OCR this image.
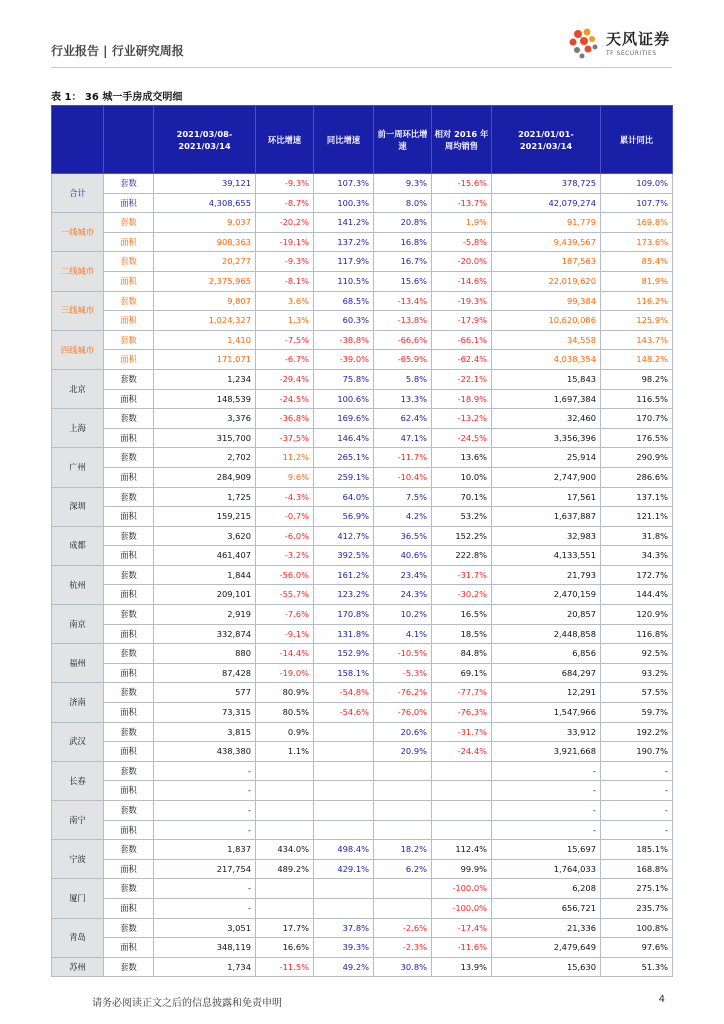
行业报告 | 行业研究周报
天风证券
TF SECURITIES
表 1： 36 城一手房成交明细
		2021/03/08-2021/03/14	环比增速	同比增速	前一周环比增速	相对 2016 年周均销售	2021/01/01-2021/03/14	累计同比
合计	套数	39,121	-9.3%	107.3%	9.3%	-15.6%	378,725	109.0%
	面积	4,308,655	-8.7%	100.3%	8.0%	-13.7%	42,079,274	107.7%
一线城市	套数	9,037	-20.2%	141.2%	20.8%	1.9%	91,779	169.8%
	面积	908,363	-19.1%	137.2%	16.8%	-5.8%	9,439,567	173.6%
二线城市	套数	20,277	-9.3%	117.9%	16.7%	-20.0%	187,563	85.4%
	面积	2,375,965	-8.1%	110.5%	15.6%	-14.6%	22,019,620	81.9%
三线城市	套数	9,807	3.6%	68.5%	-13.4%	-19.3%	99,384	116.2%
	面积	1,024,327	1.3%	60.3%	-13.8%	-17.9%	10,620,086	125.9%
四线城市	套数	1,410	-7.5%	-38.8%	-66.6%	-66.1%	34,558	143.7%
	面积	171,071	-6.7%	-39.0%	-65.9%	-62.4%	4,038,354	148.2%
北京	套数	1,234	-29.4%	75.8%	5.8%	-22.1%	15,843	98.2%
	面积	148,539	-24.5%	100.6%	13.3%	-18.9%	1,697,384	116.5%
上海	套数	3,376	-36.8%	169.6%	62.4%	-13.2%	32,460	170.7%
	面积	315,700	-37.5%	146.4%	47.1%	-24.5%	3,356,396	176.5%
广州	套数	2,702	11.2%	265.1%	-11.7%	13.6%	25,914	290.9%
	面积	284,909	9.6%	259.1%	-10.4%	10.0%	2,747,900	286.6%
深圳	套数	1,725	-4.3%	64.0%	7.5%	70.1%	17,561	137.1%
	面积	159,215	-0.7%	56.9%	4.2%	53.2%	1,637,887	121.1%
成都	套数	3,620	-6.0%	412.7%	36.5%	152.2%	32,983	31.8%
	面积	461,407	-3.2%	392.5%	40.6%	222.8%	4,133,551	34.3%
杭州	套数	1,844	-56.0%	161.2%	23.4%	-31.7%	21,793	172.7%
	面积	209,101	-55.7%	123.2%	24.3%	-30.2%	2,470,159	144.4%
南京	套数	2,919	-7.6%	170.8%	10.2%	16.5%	20,857	120.9%
	面积	332,874	-9.1%	131.8%	4.1%	18.5%	2,448,858	116.8%
福州	套数	880	-14.4%	152.9%	-10.5%	84.8%	6,856	92.5%
	面积	87,428	-19.0%	158.1%	-5.3%	69.1%	684,297	93.2%
济南	套数	577	80.9%	-54.8%	-76.2%	-77.7%	12,291	57.5%
	面积	73,315	80.5%	-54.6%	-76.0%	-76.3%	1,547,966	59.7%
武汉	套数	3,815	0.9%		20.6%	-31.7%	33,912	192.2%
	面积	438,380	1.1%		20.9%	-24.4%	3,921,668	190.7%
长春	套数	-					-	-
	面积	-					-	-
南宁	套数	-					-	-
	面积	-					-	-
宁波	套数	1,837	434.0%	498.4%	18.2%	112.4%	15,697	185.1%
	面积	217,754	489.2%	429.1%	6.2%	99.9%	1,764,033	168.8%
厦门	套数	-				-100.0%	6,208	275.1%
	面积	-				-100.0%	656,721	235.7%
青岛	套数	3,051	17.7%	37.8%	-2.6%	-17.4%	21,336	100.8%
	面积	348,119	16.6%	39.3%	-2.3%	-11.6%	2,479,649	97.6%
苏州	套数	1,734	-11.5%	49.2%	30.8%	13.9%	15,630	51.3%
请务必阅读正文之后的信息披露和免责申明	4
